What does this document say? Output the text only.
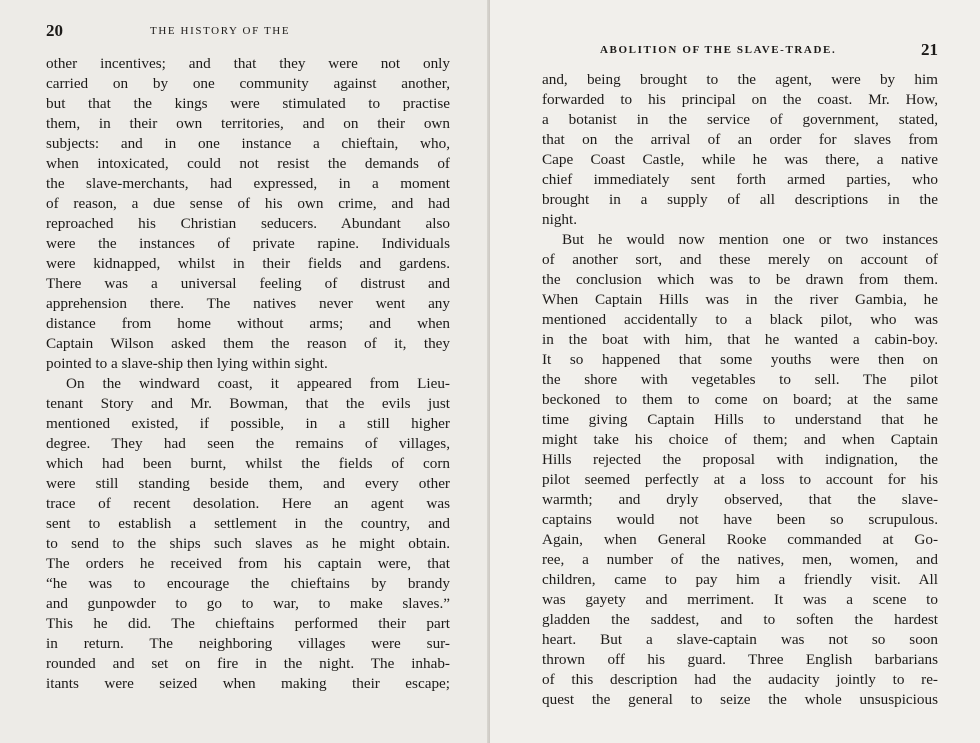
20	THE HISTORY OF THE
other incentives; and that they were not only
carried on by one community against another,
but that the kings were stimulated to practise
them, in their own territories, and on their own
subjects: and in one instance a chieftain, who,
when intoxicated, could not resist the demands of
the slave-merchants, had expressed, in a moment
of reason, a due sense of his own crime, and had
reproached his Christian seducers. Abundant also
were the instances of private rapine. Individuals
were kidnapped, whilst in their fields and gardens.
There was a universal feeling of distrust and
apprehension there. The natives never went any
distance from home without arms; and when
Captain Wilson asked them the reason of it, they
pointed to a slave-ship then lying within sight.
On the windward coast, it appeared from Lieu-
tenant Story and Mr. Bowman, that the evils just
mentioned existed, if possible, in a still higher
degree. They had seen the remains of villages,
which had been burnt, whilst the fields of corn
were still standing beside them, and every other
trace of recent desolation. Here an agent was
sent to establish a settlement in the country, and
to send to the ships such slaves as he might obtain.
The orders he received from his captain were, that
“he was to encourage the chieftains by brandy
and gunpowder to go to war, to make slaves.”
This he did. The chieftains performed their part
in return. The neighboring villages were sur-
rounded and set on fire in the night. The inhab-
itants were seized when making their escape;
ABOLITION OF THE SLAVE-TRADE.	21
and, being brought to the agent, were by him
forwarded to his principal on the coast. Mr. How,
a botanist in the service of government, stated,
that on the arrival of an order for slaves from
Cape Coast Castle, while he was there, a native
chief immediately sent forth armed parties, who
brought in a supply of all descriptions in the
night.
But he would now mention one or two instances
of another sort, and these merely on account of
the conclusion which was to be drawn from them.
When Captain Hills was in the river Gambia, he
mentioned accidentally to a black pilot, who was
in the boat with him, that he wanted a cabin-boy.
It so happened that some youths were then on
the shore with vegetables to sell. The pilot
beckoned to them to come on board; at the same
time giving Captain Hills to understand that he
might take his choice of them; and when Captain
Hills rejected the proposal with indignation, the
pilot seemed perfectly at a loss to account for his
warmth; and dryly observed, that the slave-
captains would not have been so scrupulous.
Again, when General Rooke commanded at Go-
ree, a number of the natives, men, women, and
children, came to pay him a friendly visit. All
was gayety and merriment. It was a scene to
gladden the saddest, and to soften the hardest
heart. But a slave-captain was not so soon
thrown off his guard. Three English barbarians
of this description had the audacity jointly to re-
quest the general to seize the whole unsuspicious
